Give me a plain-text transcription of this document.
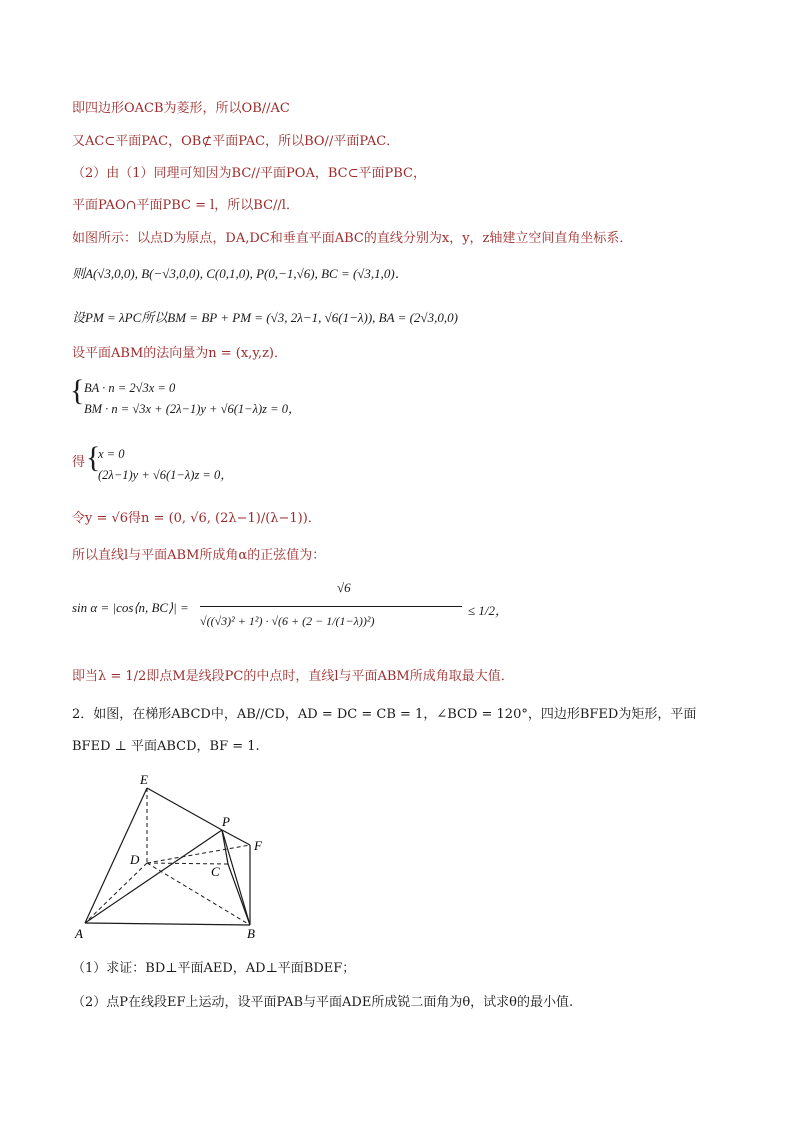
即四边形OACB为菱形，所以OB//AC
又AC⊂平面PAC，OB⊄平面PAC，所以BO//平面PAC．
（2）由（1）同理可知因为BC//平面POA，BC⊂平面PBC，
平面PAO∩平面PBC = l，所以BC//l．
如图所示：以点D为原点，DA,DC和垂直平面ABC的直线分别为x，y，z轴建立空间直角坐标系．
则A(√3,0,0), B(−√3,0,0), C(0,1,0), P(0,−1,√6), BC = (√3,1,0)．
设PM = λPC所以BM = BP + PM = (√3, 2λ−1, √6(1−λ)), BA = (2√3,0,0)
设平面ABM的法向量为n = (x,y,z)．
{ BA · n = 2√3x = 0
BM · n = √3x + (2λ−1)y + √6(1−λ)z = 0，
得 {
x = 0
(2λ−1)y + √6(1−λ)z = 0，
令y = √6得n = (0, √6, (2λ−1)/(λ−1))．
所以直线l与平面ABM所成角α的正弦值为：
sin α = |cos⟨n, BC⟩| =
√6
√((√3)² + 1²) · √(6 + (2 − 1/(1−λ))²)
≤ 1/2，
即当λ = 1/2即点M是线段PC的中点时，直线l与平面ABM所成角取最大值．
2．如图，在梯形ABCD中，AB//CD，AD = DC = CB = 1，∠BCD = 120°，四边形BFED为矩形，平面
BFED ⊥ 平面ABCD，BF = 1.
E
P
F
D
C
A	B
（1）求证：BD⊥平面AED，AD⊥平面BDEF；
（2）点P在线段EF上运动，设平面PAB与平面ADE所成锐二面角为θ，试求θ的最小值.
